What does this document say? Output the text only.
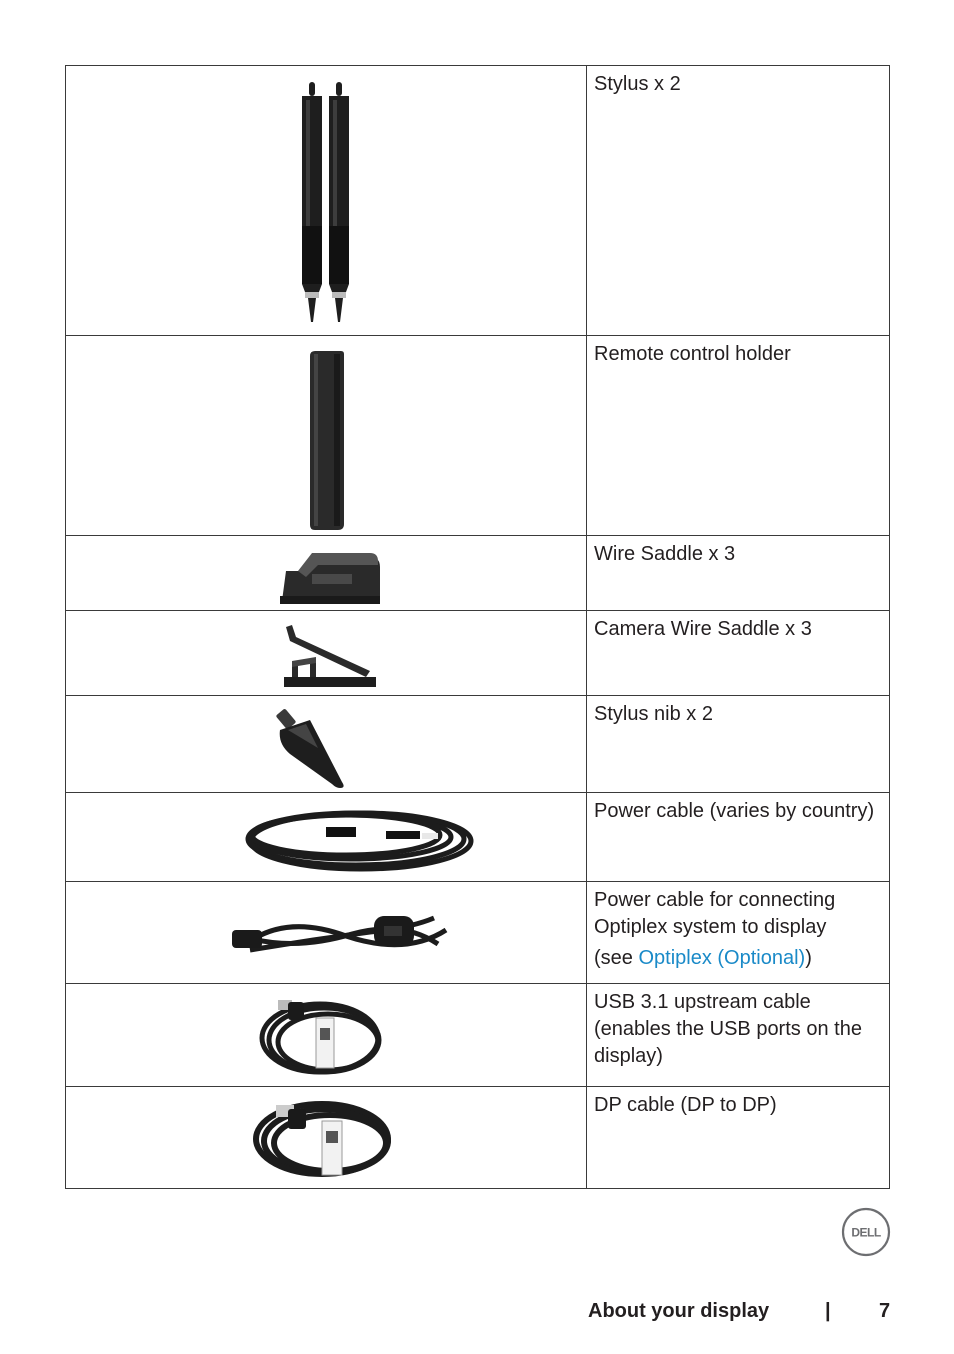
Stylus x 2

Remote control holder

Wire Saddle x 3

Camera Wire Saddle x 3

Stylus nib x 2

Power cable (varies by country)

Power cable for connecting Optiplex system to display
(see Optiplex (Optional))

USB 3.1 upstream cable (enables the USB ports on the display)

DP cable (DP to DP)
DELL
About your display	| 7
